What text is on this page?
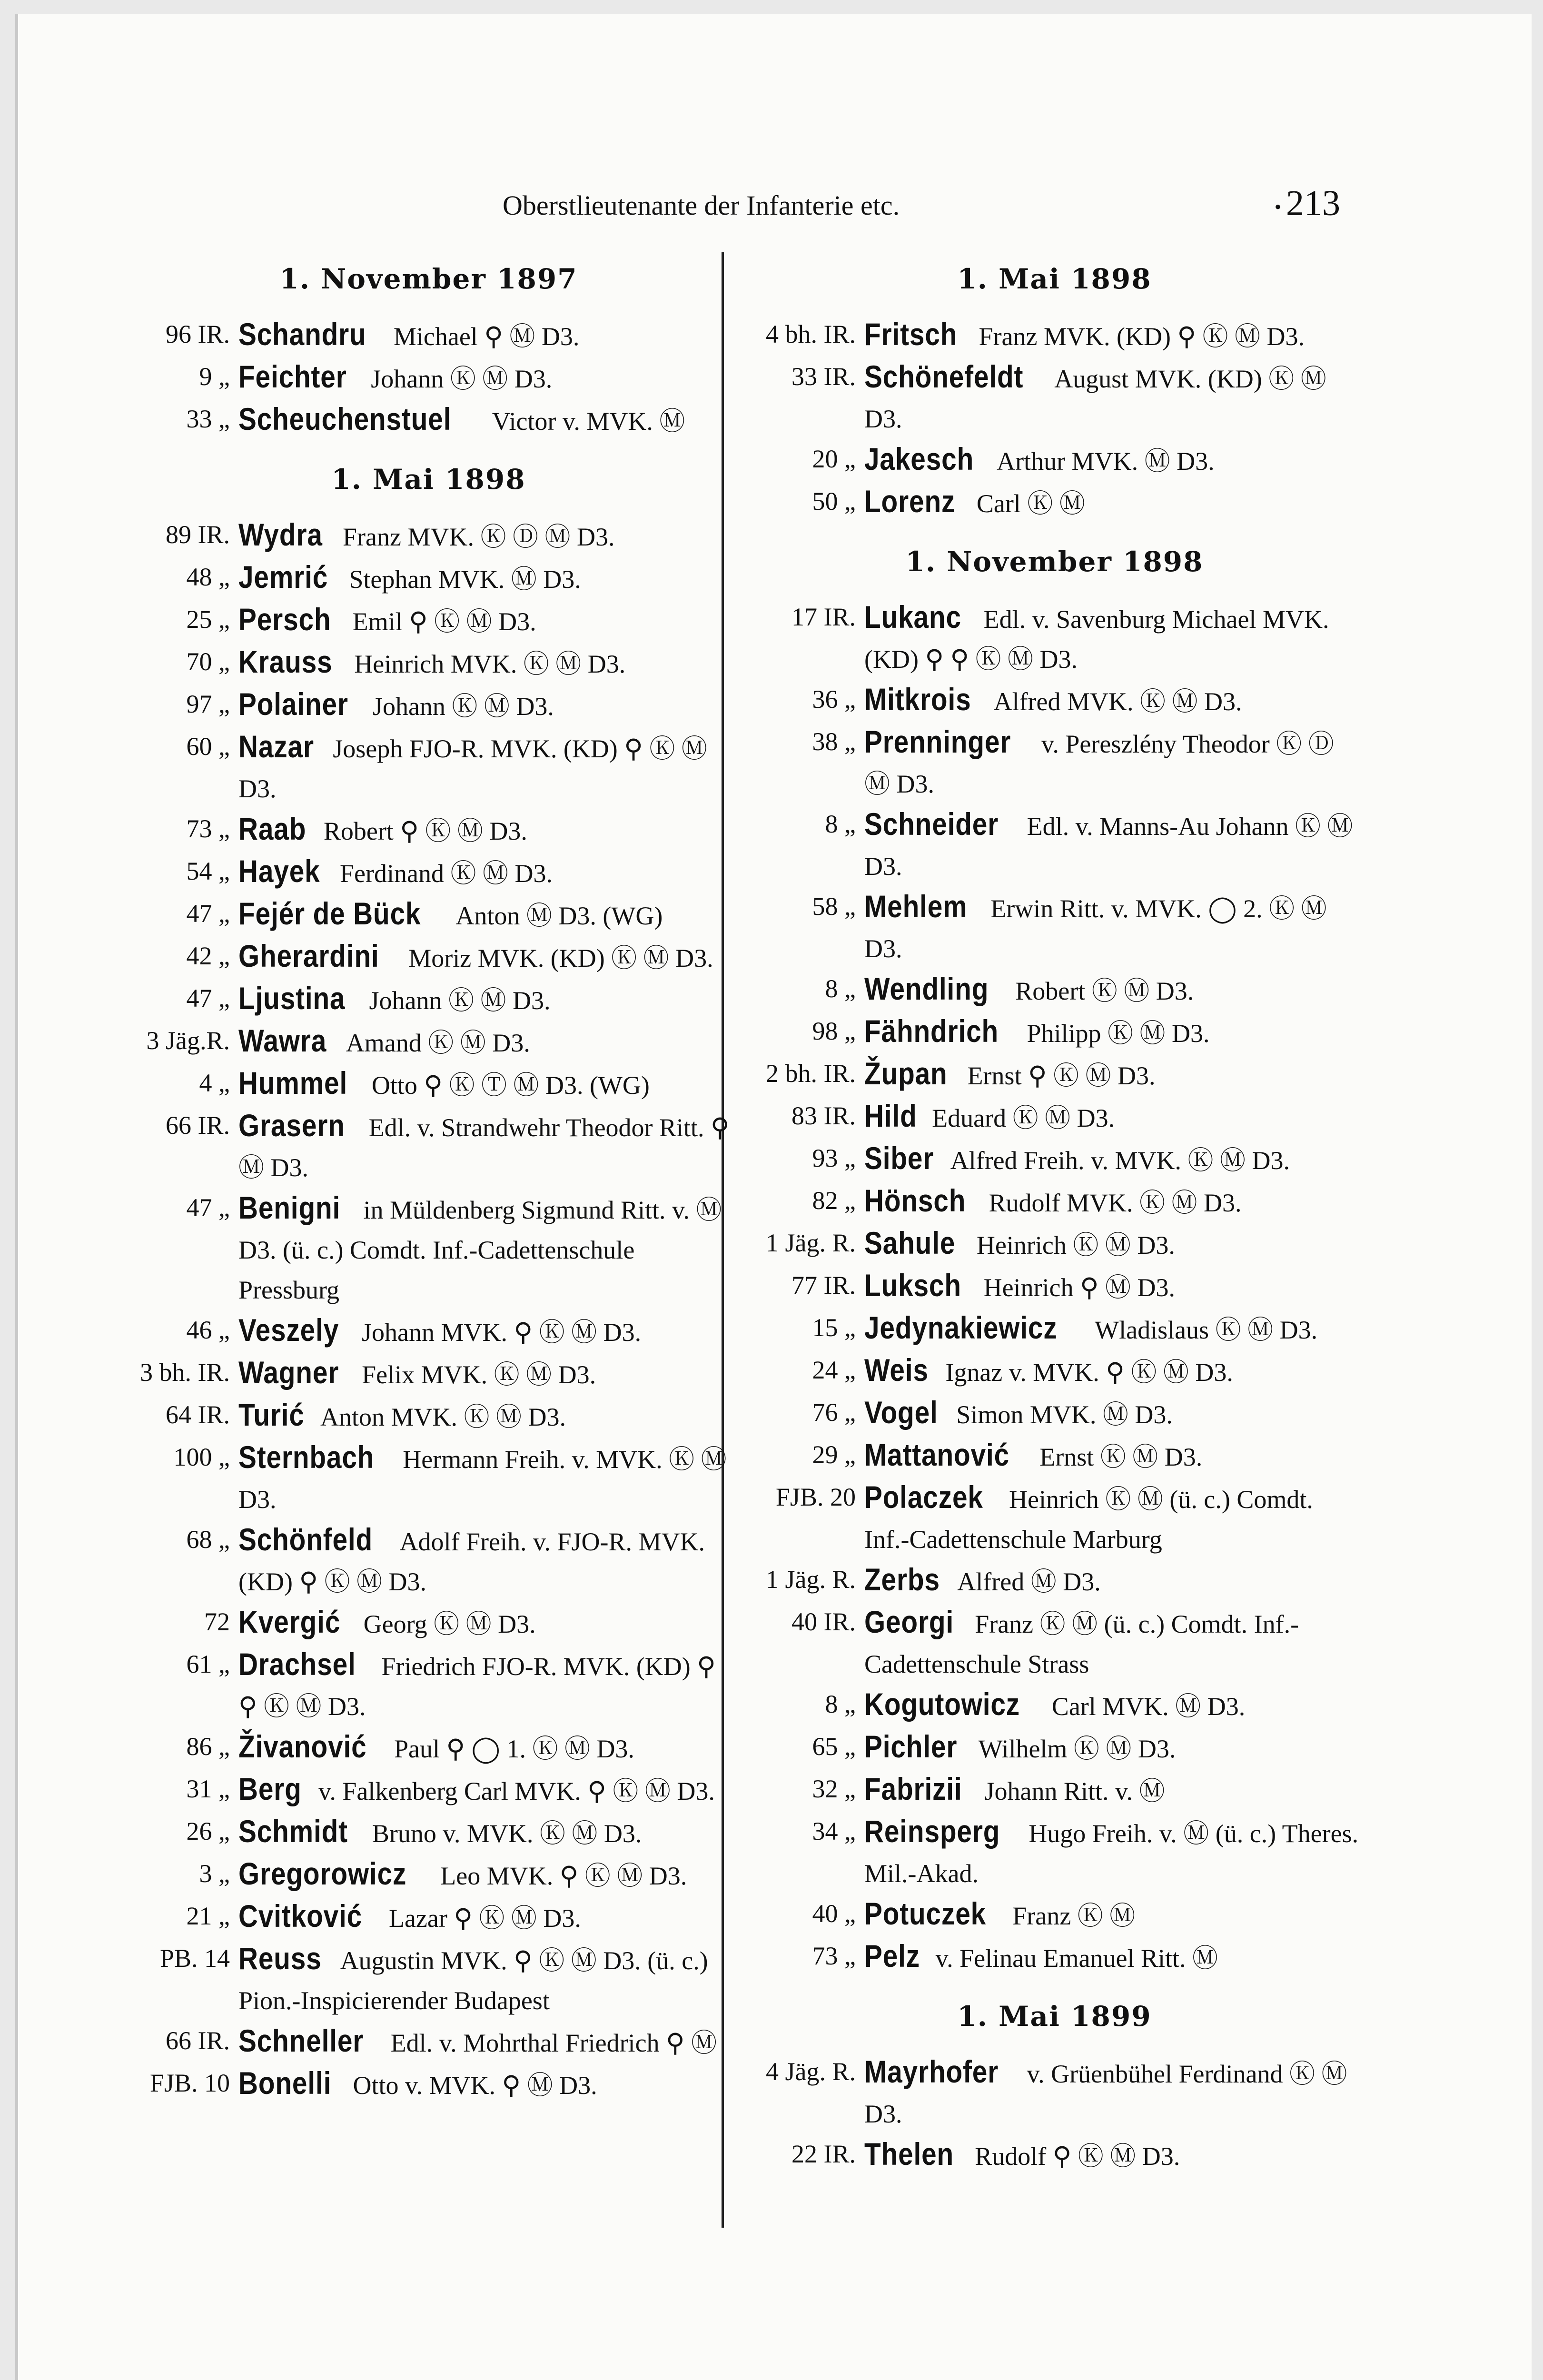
Oberstlieutenante der Infanterie etc.
•	213
1. November 1897
96 IR. Schandru Michael ⚲ Ⓜ D3.
9 „ Feichter Johann Ⓚ Ⓜ D3.
33 „ Scheuchenstuel Victor v. MVK. Ⓜ
1. Mai 1898
89 IR. Wydra Franz MVK. Ⓚ Ⓓ Ⓜ D3.
48 „ Jemrić Stephan MVK. Ⓜ D3.
25 „ Persch Emil ⚲ Ⓚ Ⓜ D3.
70 „ Krauss Heinrich MVK. Ⓚ Ⓜ D3.
97 „ Polainer Johann Ⓚ Ⓜ D3.
60 „ Nazar Joseph FJO-R. MVK. (KD) ⚲ Ⓚ Ⓜ D3.
73 „ Raab Robert ⚲ Ⓚ Ⓜ D3.
54 „ Hayek Ferdinand Ⓚ Ⓜ D3.
47 „ Fejér de Bück Anton Ⓜ D3. (WG)
42 „ Gherardini Moriz MVK. (KD) Ⓚ Ⓜ D3.
47 „ Ljustina Johann Ⓚ Ⓜ D3.
3 Jäg.R. Wawra Amand Ⓚ Ⓜ D3.
4 „ Hummel Otto ⚲ Ⓚ Ⓣ Ⓜ D3. (WG)
66 IR. Grasern Edl. v. Strandwehr Theodor Ritt. ⚲ Ⓜ D3.
47 „ Benigni in Müldenberg Sigmund Ritt. v. Ⓜ D3. (ü. c.) Comdt. Inf.-Cadettenschule Pressburg
46 „ Veszely Johann MVK. ⚲ Ⓚ Ⓜ D3.
3 bh. IR. Wagner Felix MVK. Ⓚ Ⓜ D3.
64 IR. Turić Anton MVK. Ⓚ Ⓜ D3.
100 „ Sternbach Hermann Freih. v. MVK. Ⓚ Ⓜ D3.
68 „ Schönfeld Adolf Freih. v. FJO-R. MVK. (KD) ⚲ Ⓚ Ⓜ D3.
72 Kvergić Georg Ⓚ Ⓜ D3.
61 „ Drachsel Friedrich FJO-R. MVK. (KD) ⚲ ⚲ Ⓚ Ⓜ D3.
86 „ Živanović Paul ⚲ ◯ 1. Ⓚ Ⓜ D3.
31 „ Berg v. Falkenberg Carl MVK. ⚲ Ⓚ Ⓜ D3.
26 „ Schmidt Bruno v. MVK. Ⓚ Ⓜ D3.
3 „ Gregorowicz Leo MVK. ⚲ Ⓚ Ⓜ D3.
21 „ Cvitković Lazar ⚲ Ⓚ Ⓜ D3.
PB. 14 Reuss Augustin MVK. ⚲ Ⓚ Ⓜ D3. (ü. c.) Pion.-Inspicierender Budapest
66 IR. Schneller Edl. v. Mohrthal Friedrich ⚲ Ⓜ
FJB. 10 Bonelli Otto v. MVK. ⚲ Ⓜ D3.
1. Mai 1898
4 bh. IR. Fritsch Franz MVK. (KD) ⚲ Ⓚ Ⓜ D3.
33 IR. Schönefeldt August MVK. (KD) Ⓚ Ⓜ D3.
20 „ Jakesch Arthur MVK. Ⓜ D3.
50 „ Lorenz Carl Ⓚ Ⓜ
1. November 1898
17 IR. Lukanc Edl. v. Savenburg Michael MVK. (KD) ⚲ ⚲ Ⓚ Ⓜ D3.
36 „ Mitkrois Alfred MVK. Ⓚ Ⓜ D3.
38 „ Prenninger v. Pereszlény Theodor Ⓚ Ⓓ Ⓜ D3.
8 „ Schneider Edl. v. Manns-Au Johann Ⓚ Ⓜ D3.
58 „ Mehlem Erwin Ritt. v. MVK. ◯ 2. Ⓚ Ⓜ D3.
8 „ Wendling Robert Ⓚ Ⓜ D3.
98 „ Fähndrich Philipp Ⓚ Ⓜ D3.
2 bh. IR. Župan Ernst ⚲ Ⓚ Ⓜ D3.
83 IR. Hild Eduard Ⓚ Ⓜ D3.
93 „ Siber Alfred Freih. v. MVK. Ⓚ Ⓜ D3.
82 „ Hönsch Rudolf MVK. Ⓚ Ⓜ D3.
1 Jäg. R. Sahule Heinrich Ⓚ Ⓜ D3.
77 IR. Luksch Heinrich ⚲ Ⓜ D3.
15 „ Jedynakiewicz Wladislaus Ⓚ Ⓜ D3.
24 „ Weis Ignaz v. MVK. ⚲ Ⓚ Ⓜ D3.
76 „ Vogel Simon MVK. Ⓜ D3.
29 „ Mattanović Ernst Ⓚ Ⓜ D3.
FJB. 20 Polaczek Heinrich Ⓚ Ⓜ (ü. c.) Comdt. Inf.-Cadettenschule Marburg
1 Jäg. R. Zerbs Alfred Ⓜ D3.
40 IR. Georgi Franz Ⓚ Ⓜ (ü. c.) Comdt. Inf.-Cadettenschule Strass
8 „ Kogutowicz Carl MVK. Ⓜ D3.
65 „ Pichler Wilhelm Ⓚ Ⓜ D3.
32 „ Fabrizii Johann Ritt. v. Ⓜ
34 „ Reinsperg Hugo Freih. v. Ⓜ (ü. c.) Theres. Mil.-Akad.
40 „ Potuczek Franz Ⓚ Ⓜ
73 „ Pelz v. Felinau Emanuel Ritt. Ⓜ
1. Mai 1899
4 Jäg. R. Mayrhofer v. Grüenbühel Ferdinand Ⓚ Ⓜ D3.
22 IR. Thelen Rudolf ⚲ Ⓚ Ⓜ D3.
